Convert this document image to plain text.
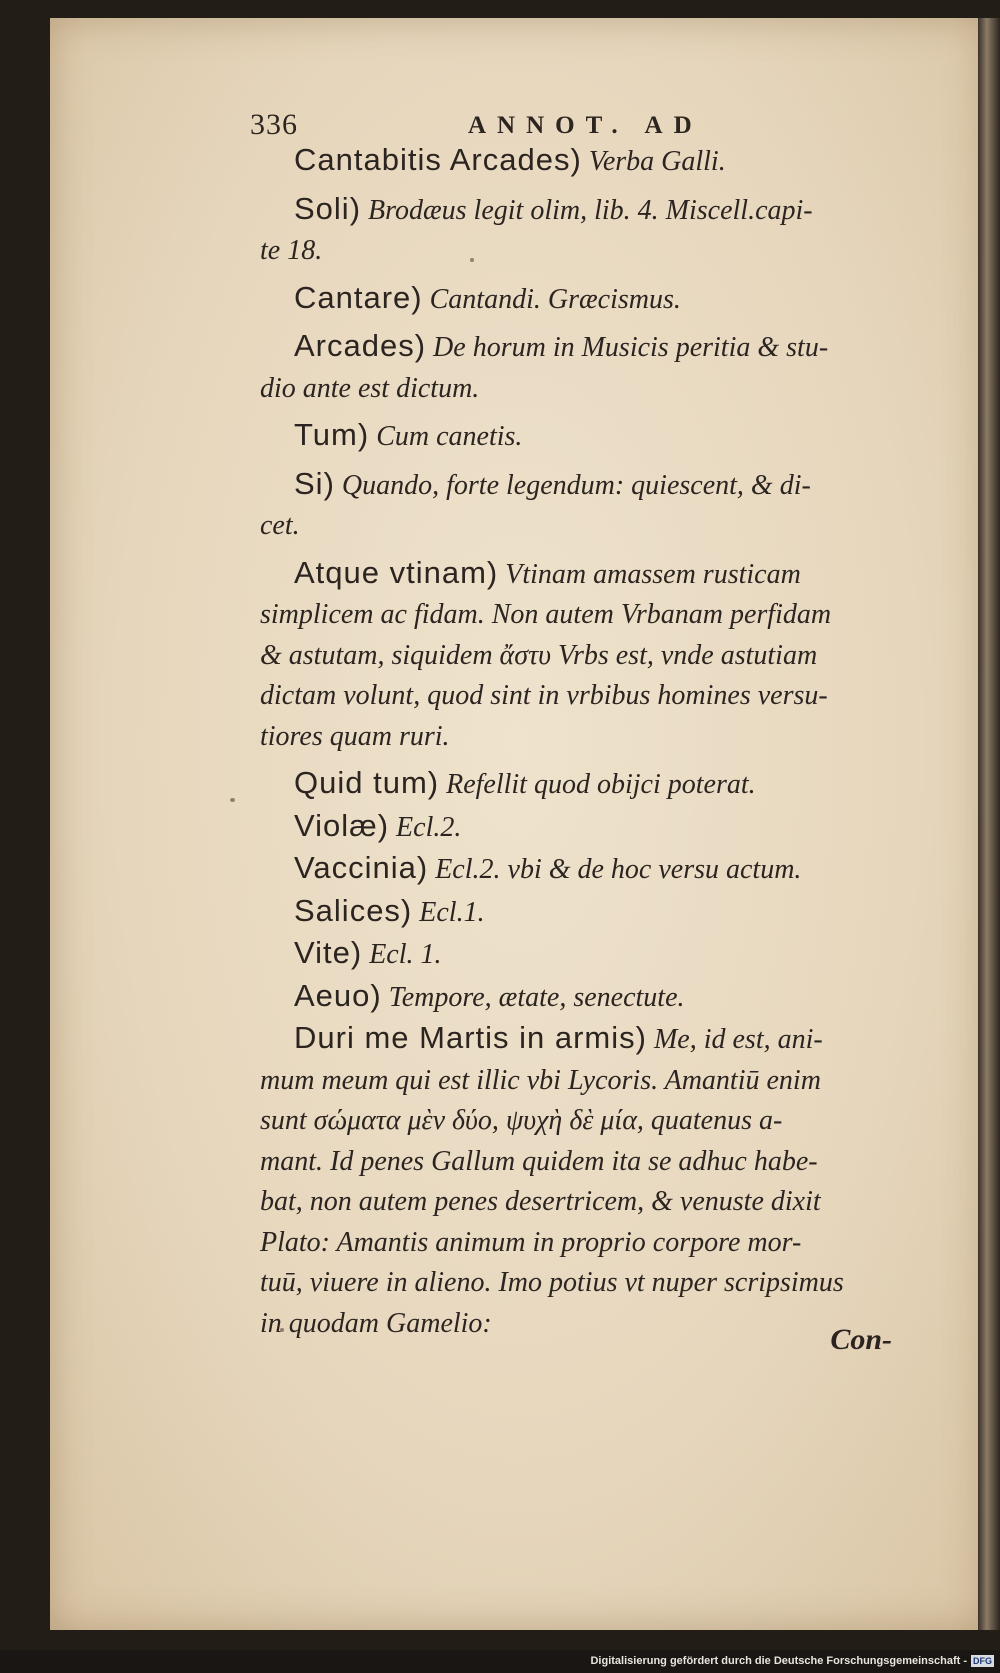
336	ANNOT. AD
Cantabitis Arcades) Verba Galli.
Soli) Brodæus legit olim, lib. 4. Miscell.capi-
te 18.
Cantare) Cantandi. Græcismus.
Arcades) De horum in Musicis peritia & stu-
dio ante est dictum.
Tum) Cum canetis.
Si) Quando, forte legendum: quiescent, & di-
cet.
Atque vtinam) Vtinam amassem rusticam
simplicem ac fidam. Non autem Vrbanam perfidam
& astutam, siquidem ἄστυ Vrbs est, vnde astutiam
dictam volunt, quod sint in vrbibus homines versu-
tiores quam ruri.
Quid tum) Refellit quod obijci poterat.
Violæ) Ecl.2.
Vaccinia) Ecl.2. vbi & de hoc versu actum.
Salices) Ecl.1.
Vite) Ecl. 1.
Aeuo) Tempore, ætate, senectute.
Duri me Martis in armis) Me, id est, ani-
mum meum qui est illic vbi Lycoris. Amantiū enim
sunt σώματα μὲν δύο, ψυχὴ δὲ μία, quatenus a-
mant. Id penes Gallum quidem ita se adhuc habe-
bat, non autem penes desertricem, & venuste dixit
Plato: Amantis animum in proprio corpore mor-
tuū, viuere in alieno. Imo potius vt nuper scripsimus
in quodam Gamelio:	Con-
Digitalisierung gefördert durch die Deutsche Forschungsgemeinschaft - DFG
